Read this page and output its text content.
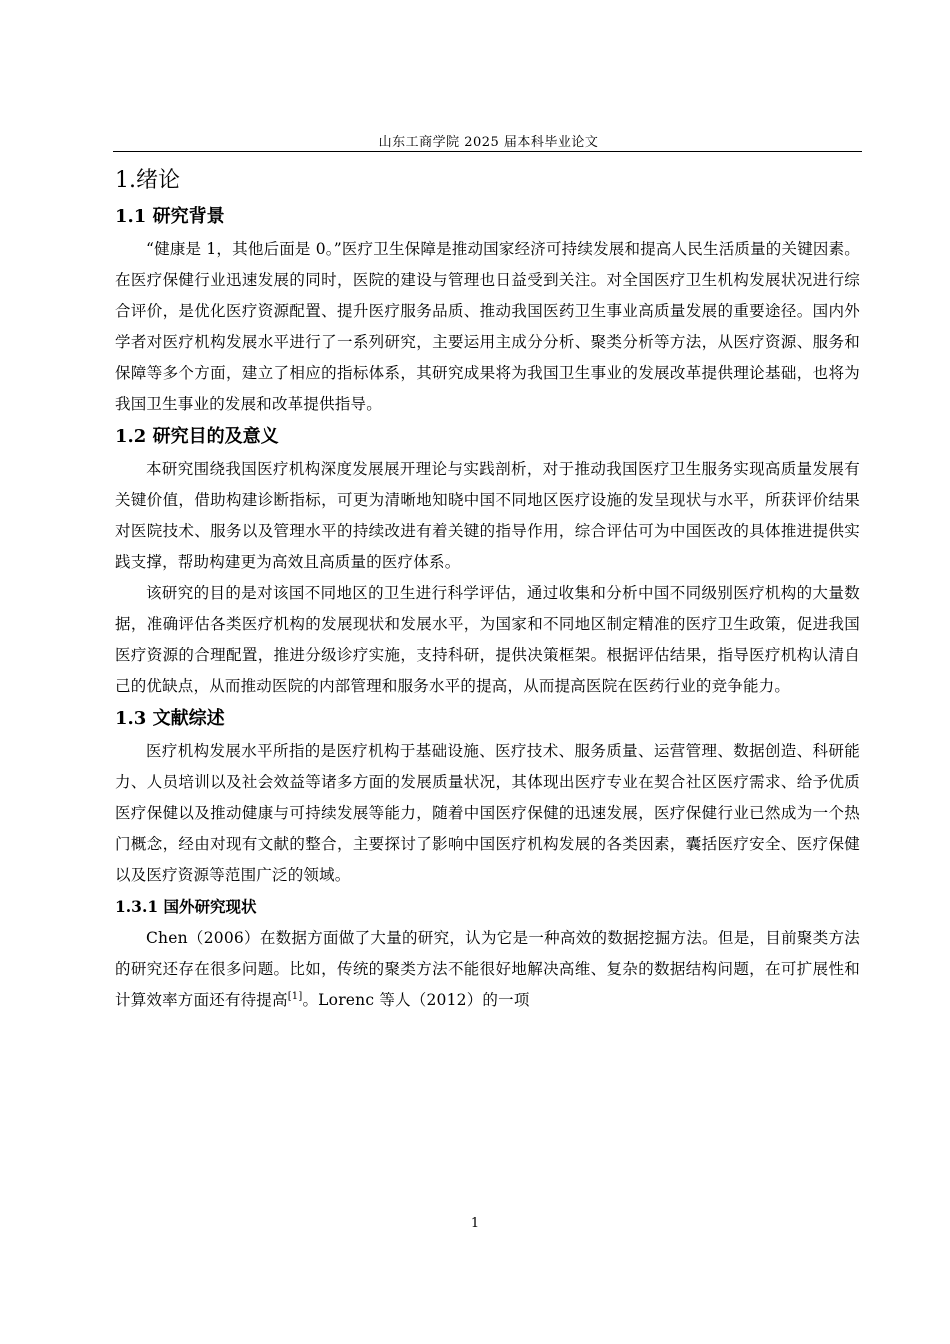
山东工商学院 2025 届本科毕业论文
1.绪论
1.1 研究背景

“健康是 1，其他后面是 0。”医疗卫生保障是推动国家经济可持续发展和提高人民生活质量的关键因素。在医疗保健行业迅速发展的同时，医院的建设与管理也日益受到关注。对全国医疗卫生机构发展状况进行综合评价，是优化医疗资源配置、提升医疗服务品质、推动我国医药卫生事业高质量发展的重要途径。国内外学者对医疗机构发展水平进行了一系列研究，主要运用主成分分析、聚类分析等方法，从医疗资源、服务和保障等多个方面，建立了相应的指标体系，其研究成果将为我国卫生事业的发展改革提供理论基础，也将为我国卫生事业的发展和改革提供指导。

1.2 研究目的及意义

本研究围绕我国医疗机构深度发展展开理论与实践剖析，对于推动我国医疗卫生服务实现高质量发展有关键价值，借助构建诊断指标，可更为清晰地知晓中国不同地区医疗设施的发呈现状与水平，所获评价结果对医院技术、服务以及管理水平的持续改进有着关键的指导作用，综合评估可为中国医改的具体推进提供实践支撑，帮助构建更为高效且高质量的医疗体系。

该研究的目的是对该国不同地区的卫生进行科学评估，通过收集和分析中国不同级别医疗机构的大量数据，准确评估各类医疗机构的发展现状和发展水平，为国家和不同地区制定精准的医疗卫生政策，促进我国医疗资源的合理配置，推进分级诊疗实施，支持科研，提供决策框架。根据评估结果，指导医疗机构认清自己的优缺点，从而推动医院的内部管理和服务水平的提高，从而提高医院在医药行业的竞争能力。

1.3 文献综述

医疗机构发展水平所指的是医疗机构于基础设施、医疗技术、服务质量、运营管理、数据创造、科研能力、人员培训以及社会效益等诸多方面的发展质量状况，其体现出医疗专业在契合社区医疗需求、给予优质医疗保健以及推动健康与可持续发展等能力，随着中国医疗保健的迅速发展，医疗保健行业已然成为一个热门概念，经由对现有文献的整合，主要探讨了影响中国医疗机构发展的各类因素，囊括医疗安全、医疗保健以及医疗资源等范围广泛的领域。

1.3.1 国外研究现状

Chen（2006）在数据方面做了大量的研究，认为它是一种高效的数据挖掘方法。但是，目前聚类方法的研究还存在很多问题。比如，传统的聚类方法不能很好地解决高维、复杂的数据结构问题，在可扩展性和计算效率方面还有待提高[1]。Lorenc 等人（2012）的一项

1
